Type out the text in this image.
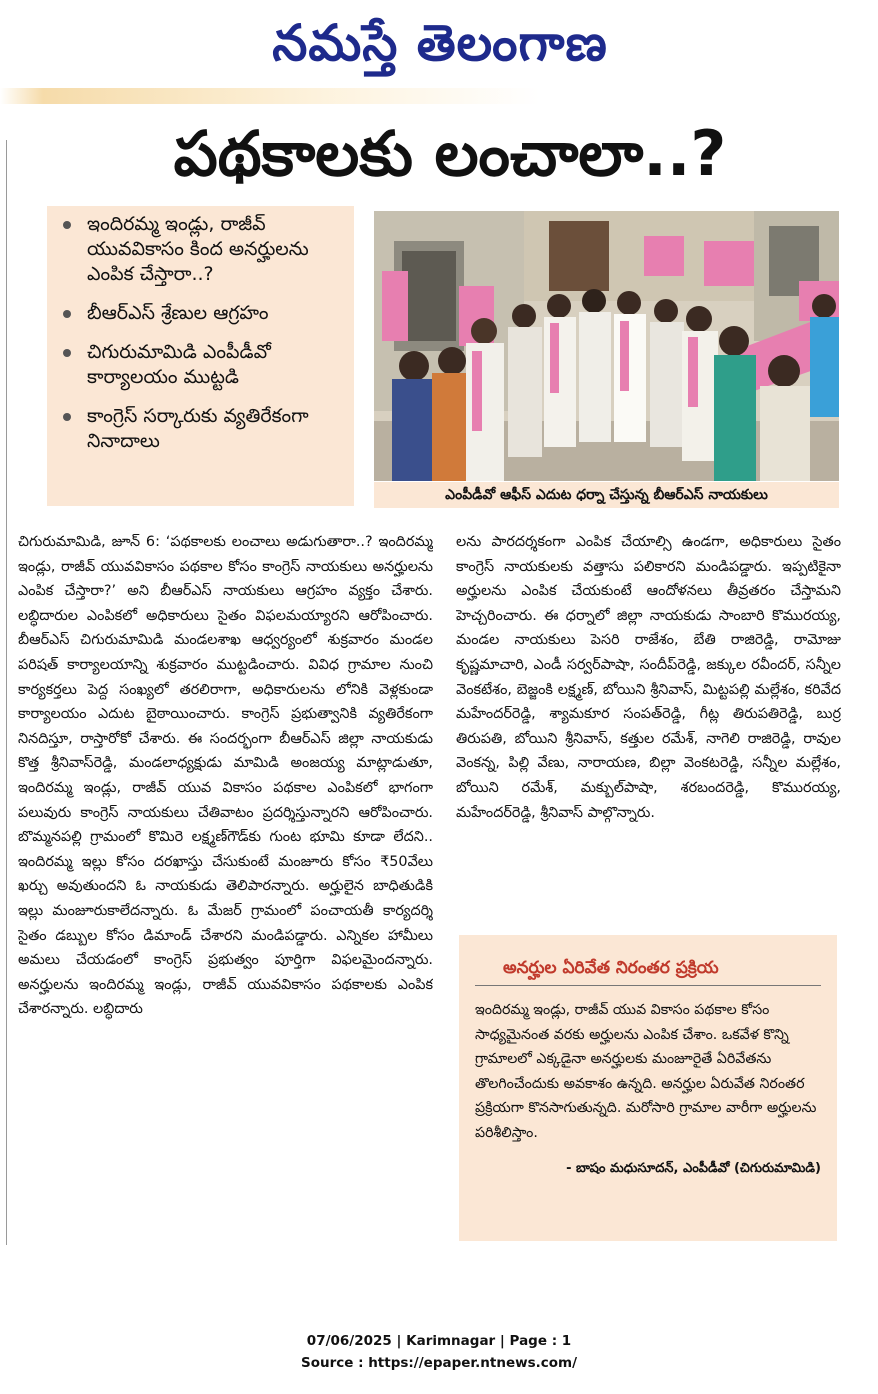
నమస్తే తెలంగాణ
పథకాలకు లంచాలా..?
ఇందిరమ్మ ఇండ్లు, రాజీవ్ యువవికాసం కింద అనర్హులను ఎంపిక చేస్తారా..?
బీఆర్ఎస్ శ్రేణుల ఆగ్రహం
చిగురుమామిడి ఎంపీడీవో కార్యాలయం ముట్టడి
కాంగ్రెస్ సర్కారుకు వ్యతిరేకంగా నినాదాలు
ఎంపీడీవో ఆఫీస్ ఎదుట ధర్నా చేస్తున్న బీఆర్ఎస్ నాయకులు

చిగురుమామిడి, జూన్ 6: ‘పథకాలకు లంచాలు అడుగుతారా..? ఇందిరమ్మ ఇండ్లు, రాజీవ్ యువవికాసం పథకాల కోసం కాంగ్రెస్ నాయకులు అనర్హులను ఎంపిక చేస్తారా?’ అని బీఆర్ఎస్ నాయకులు ఆగ్రహం వ్యక్తం చేశారు. లబ్ధిదారుల ఎంపికలో అధికారులు సైతం విఫలమయ్యారని ఆరోపించారు. బీఆర్ఎస్ చిగురుమామిడి మండలశాఖ ఆధ్వర్యంలో శుక్రవారం మండల పరిషత్ కార్యాలయాన్ని శుక్రవారం ముట్టడించారు. వివిధ గ్రామాల నుంచి కార్యకర్తలు పెద్ద సంఖ్యలో తరలిరాగా, అధికారులను లోనికి వెళ్లకుండా కార్యాలయం ఎదుట బైఠాయించారు. కాంగ్రెస్ ప్రభుత్వానికి వ్యతిరేకంగా నినదిస్తూ, రాస్తారోకో చేశారు. ఈ సందర్భంగా బీఆర్ఎస్ జిల్లా నాయకుడు కొత్త శ్రీనివాస్‌రెడ్డి, మండలాధ్యక్షుడు మామిడి అంజయ్య మాట్లాడుతూ, ఇందిరమ్మ ఇండ్లు, రాజీవ్ యువ వికాసం పథకాల ఎంపికలో భాగంగా పలువురు కాంగ్రెస్ నాయకులు చేతివాటం ప్రదర్శిస్తున్నారని ఆరోపించారు. బొమ్మనపల్లి గ్రామంలో కొమిరె లక్ష్మణ్‌గౌడ్‌కు గుంట భూమి కూడా లేదని.. ఇందిరమ్మ ఇల్లు కోసం దరఖాస్తు చేసుకుంటే మంజూరు కోసం ₹50వేలు ఖర్చు అవుతుందని ఓ నాయకుడు తెలిపారన్నారు. అర్హులైన బాధితుడికి ఇల్లు మంజూరుకాలేదన్నారు. ఓ మేజర్ గ్రామంలో పంచాయతీ కార్యదర్శి సైతం డబ్బుల కోసం డిమాండ్ చేశారని మండిపడ్డారు. ఎన్నికల హామీలు అమలు చేయడంలో కాంగ్రెస్ ప్రభుత్వం పూర్తిగా విఫలమైందన్నారు. అనర్హులను ఇందిరమ్మ ఇండ్లు, రాజీవ్ యువవికాసం పథకాలకు ఎంపిక చేశారన్నారు. లబ్ధిదారు

లను పారదర్శకంగా ఎంపిక చేయాల్సి ఉండగా, అధికారులు సైతం కాంగ్రెస్ నాయకులకు వత్తాసు పలికారని మండిపడ్డారు. ఇప్పటికైనా అర్హులను ఎంపిక చేయకుంటే ఆందోళనలు తీవ్రతరం చేస్తామని హెచ్చరించారు. ఈ ధర్నాలో జిల్లా నాయకుడు సాంబారి కొమురయ్య, మండల నాయకులు పెసరి రాజేశం, బేతి రాజిరెడ్డి, రామోజు కృష్ణమాచారి, ఎండీ సర్వర్‌పాషా, సందీప్‌రెడ్డి, జక్కుల రవీందర్, సన్నీల వెంకటేశం, బెజ్జంకి లక్ష్మణ్, బోయిని శ్రీనివాస్, మిట్టపల్లి మల్లేశం, కరివేద మహేందర్‌రెడ్డి, శ్యామకూర సంపత్‌రెడ్డి, గీట్ల తిరుపతిరెడ్డి, బుర్ర తిరుపతి, బోయిని శ్రీనివాస్, కత్తుల రమేశ్, నాగెలి రాజిరెడ్డి, రావుల వెంకన్న, పిల్లి వేణు, నారాయణ, బిల్లా వెంకటరెడ్డి, సన్నీల మల్లేశం, బోయిని రమేశ్, మక్బుల్‌పాషా, శరబందరెడ్డి, కొమురయ్య, మహేందర్‌రెడ్డి, శ్రీనివాస్ పాల్గొన్నారు.

అనర్హుల ఏరివేత నిరంతర ప్రక్రియ
ఇందిరమ్మ ఇండ్లు, రాజీవ్ యువ వికాసం పథకాల కోసం సాధ్యమైనంత వరకు అర్హులను ఎంపిక చేశాం. ఒకవేళ కొన్ని గ్రామాలలో ఎక్కడైనా అనర్హులకు మంజూరైతే ఏరివేతను తొలగించేందుకు అవకాశం ఉన్నది. అనర్హుల ఏరువేత నిరంతర ప్రక్రియగా కొనసాగుతున్నది. మరోసారి గ్రామాల వారీగా అర్హులను పరిశీలిస్తాం.
- బాషం మధుసూదన్, ఎంపీడీవో (చిగురుమామిడి)
07/06/2025 | Karimnagar | Page : 1
Source : https://epaper.ntnews.com/
